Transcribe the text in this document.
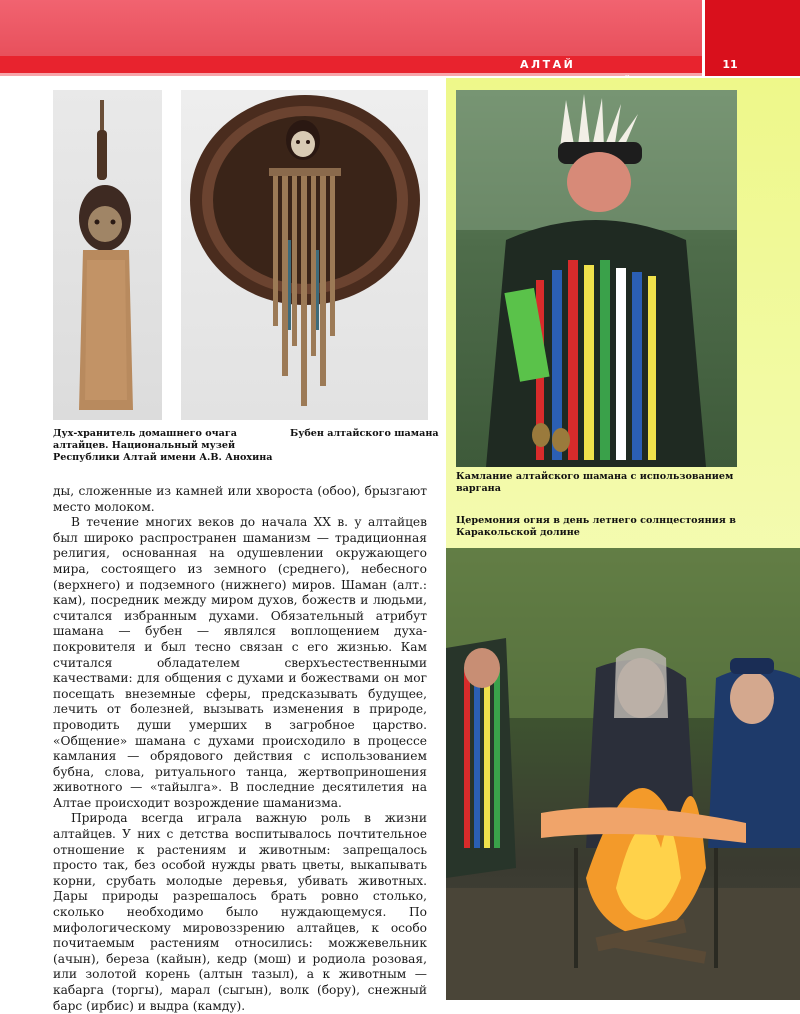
АЛТАЙ	11
Дух-хранитель домашнего очага алтайцев. Национальный музей Республики Алтай имени А.В. Анохина
Бубен алтайского шамана
Камлание алтайского шамана с использованием варгана
Церемония огня в день летнего солнцестояния в Каракольской долине

ды, сложенные из камней или хвороста (обоо), брызгают место молоком.

В течение многих веков до начала XX в. у алтайцев был широко распространен шаманизм — традиционная религия, основанная на одушевлении окружающего мира, состоящего из земного (среднего), небесного (верхнего) и подземного (нижнего) миров. Шаман (алт.: кам), посредник между миром духов, божеств и людьми, считался избранным духами. Обязательный атрибут шамана — бубен — являлся воплощением духа-покровителя и был тесно связан с его жизнью. Кам считался обладателем сверхъестественными качествами: для общения с духами и божествами он мог посещать внеземные сферы, предсказывать будущее, лечить от болезней, вызывать изменения в природе, проводить души умерших в загробное царство. «Общение» шамана с духами происходило в процессе камлания — обрядового действия с использованием бубна, слова, ритуального танца, жертвоприношения животного — «тайылга». В последние десятилетия на Алтае происходит возрождение шаманизма.

Природа всегда играла важную роль в жизни алтайцев. У них с детства воспитывалось почтительное отношение к растениям и животным: запрещалось просто так, без особой нужды рвать цветы, выкапывать корни, срубать молодые деревья, убивать животных. Дары природы разрешалось брать ровно столько, сколько необходимо было нуждающемуся. По мифологическому мировоззрению алтайцев, к особо почитаемым растениям относились: можжевельник (ачын), береза (кайын), кедр (мош) и родиола розовая, или золотой корень (алтын тазыл), а к животным — кабарга (торгы), марал (сыгын), волк (бору), снежный барс (ирбис) и выдра (камду).
